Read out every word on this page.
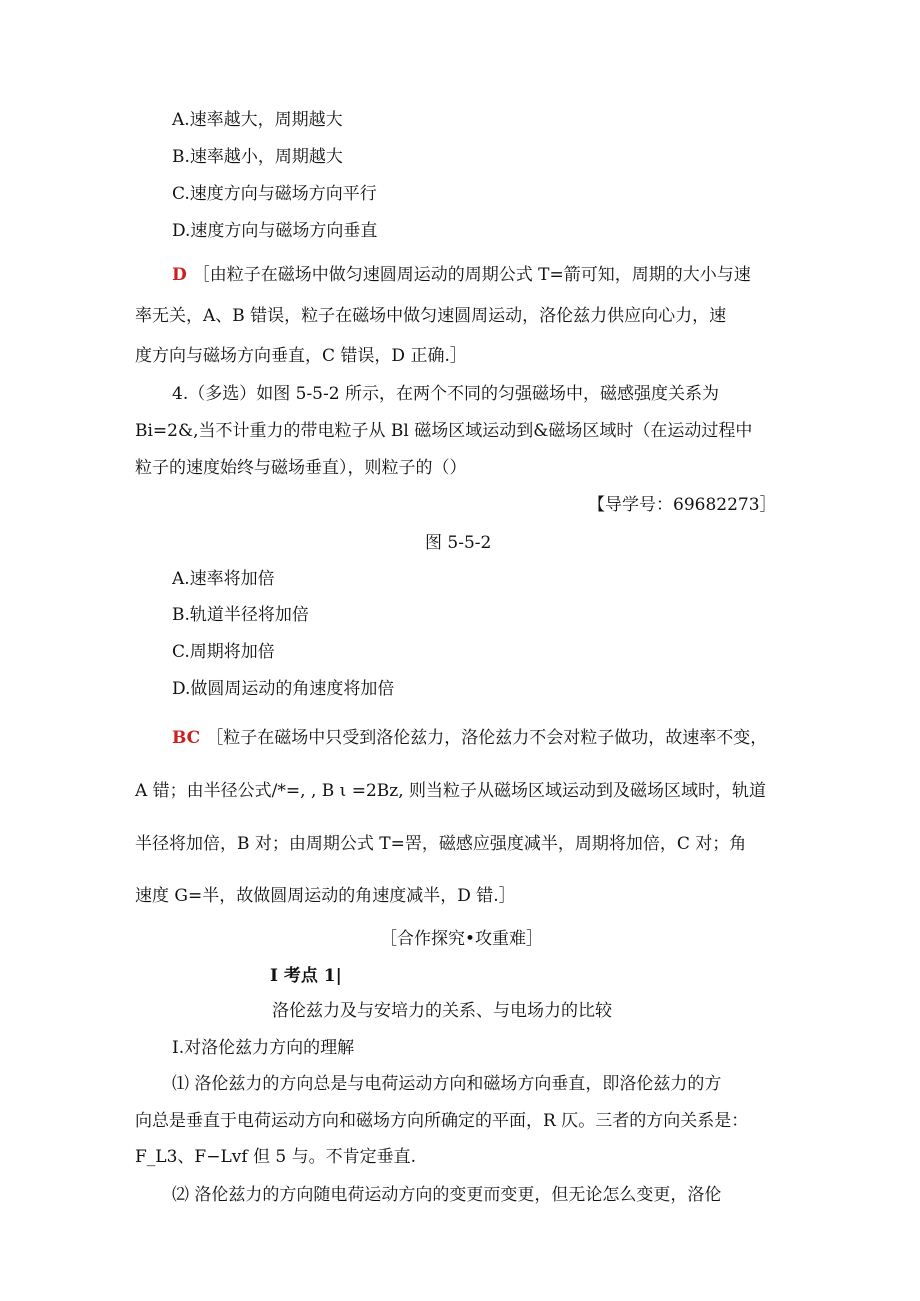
A.速率越大，周期越大
B.速率越小，周期越大
C.速度方向与磁场方向平行
D.速度方向与磁场方向垂直
D ［由粒子在磁场中做匀速圆周运动的周期公式 T=箭可知，周期的大小与速
率无关，A、B 错误，粒子在磁场中做匀速圆周运动，洛伦兹力供应向心力，速
度方向与磁场方向垂直，C 错误，D 正确.］
4.（多选）如图 5-5-2 所示，在两个不同的匀强磁场中，磁感强度关系为
Bi=2&,当不计重力的带电粒子从 Bl 磁场区域运动到&磁场区域时（在运动过程中
粒子的速度始终与磁场垂直），则粒子的（）
【导学号：69682273］
图 5-5-2
A.速率将加倍
B.轨道半径将加倍
C.周期将加倍
D.做圆周运动的角速度将加倍
BC ［粒子在磁场中只受到洛伦兹力，洛伦兹力不会对粒子做功，故速率不变，
A 错；由半径公式/*=, , B ι =2Bz, 则当粒子从磁场区域运动到及磁场区域时，轨道
半径将加倍，B 对；由周期公式 T=罟，磁感应强度减半，周期将加倍，C 对；角
速度 G=半，故做圆周运动的角速度减半，D 错.］
［合作探究•攻重难］
I 考点 1|
洛伦兹力及与安培力的关系、与电场力的比较
I.对洛伦兹力方向的理解
⑴ 洛伦兹力的方向总是与电荷运动方向和磁场方向垂直，即洛伦兹力的方
向总是垂直于电荷运动方向和磁场方向所确定的平面，R 仄。三者的方向关系是：
F_L3、F−Lvf 但 5 与。不肯定垂直.
⑵ 洛伦兹力的方向随电荷运动方向的变更而变更，但无论怎么变更，洛伦
